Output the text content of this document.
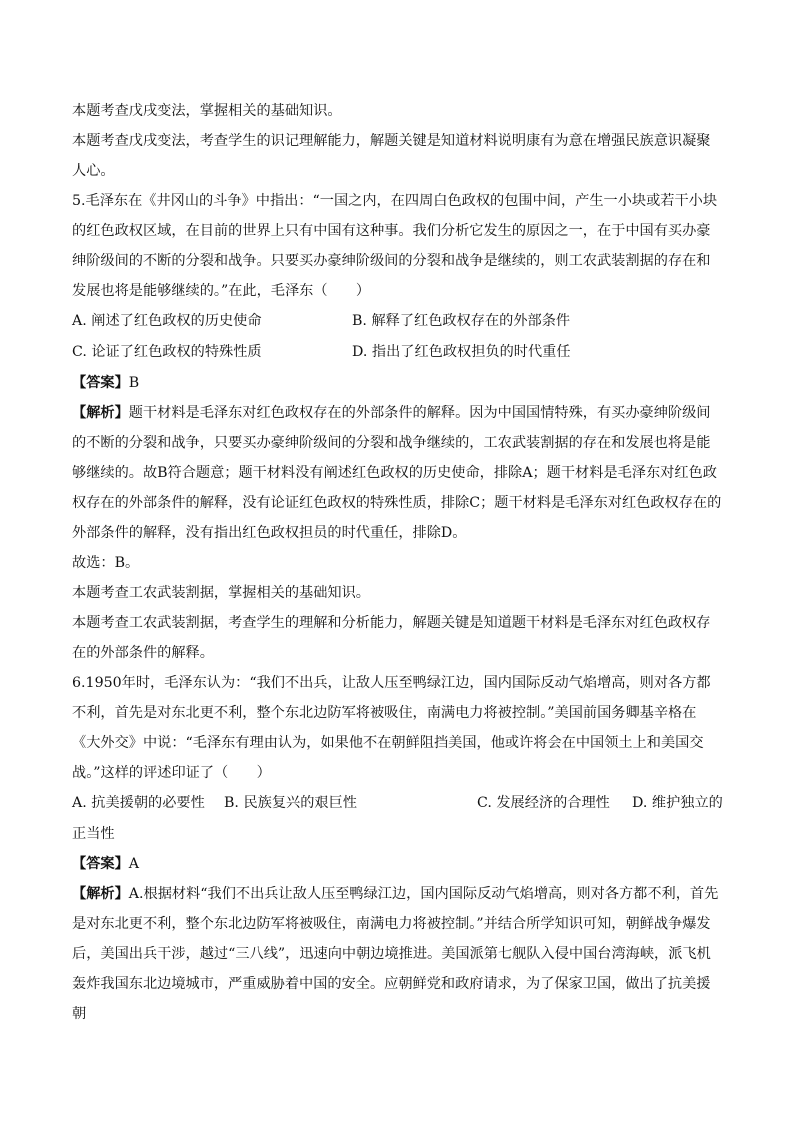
本题考查戊戌变法，掌握相关的基础知识。

本题考查戊戌变法，考查学生的识记理解能力，解题关键是知道材料说明康有为意在增强民族意识凝聚人心。

5.毛泽东在《井冈山的斗争》中指出：“一国之内，在四周白色政权的包围中间，产生一小块或若干小块的红色政权区域，在目前的世界上只有中国有这种事。我们分析它发生的原因之一，在于中国有买办豪绅阶级间的不断的分裂和战争。只要买办豪绅阶级间的分裂和战争是继续的，则工农武装割据的存在和发展也将是能够继续的。”在此，毛泽东（　　）

A. 阐述了红色政权的历史使命	B. 解释了红色政权存在的外部条件
C. 论证了红色政权的特殊性质	D. 指出了红色政权担负的时代重任

【答案】B

【解析】题干材料是毛泽东对红色政权存在的外部条件的解释。因为中国国情特殊，有买办豪绅阶级间的不断的分裂和战争，只要买办豪绅阶级间的分裂和战争继续的，工农武装割据的存在和发展也将是能够继续的。故B符合题意；题干材料没有阐述红色政权的历史使命，排除A；题干材料是毛泽东对红色政权存在的外部条件的解释，没有论证红色政权的特殊性质，排除C；题干材料是毛泽东对红色政权存在的外部条件的解释，没有指出红色政权担员的时代重任，排除D。

故选：B。

本题考查工农武装割据，掌握相关的基础知识。

本题考查工农武装割据，考查学生的理解和分析能力，解题关键是知道题干材料是毛泽东对红色政权存在的外部条件的解释。

6.1950年时，毛泽东认为：“我们不出兵，让敌人压至鸭绿江边，国内国际反动气焰增高，则对各方都不利，首先是对东北更不利，整个东北边防军将被吸住，南满电力将被控制。”美国前国务卿基辛格在《大外交》中说：“毛泽东有理由认为，如果他不在朝鲜阻挡美国，他或许将会在中国领土上和美国交战。”这样的评述印证了（　　）

A. 抗美援朝的必要性	B. 民族复兴的艰巨性	C. 发展经济的合理性	D. 维护独立的

正当性

【答案】A

【解析】A.根据材料“我们不出兵让敌人压至鸭绿江边，国内国际反动气焰增高，则对各方都不利，首先是对东北更不利，整个东北边防军将被吸住，南满电力将被控制。”并结合所学知识可知，朝鲜战争爆发后，美国出兵干涉，越过“三八线”，迅速向中朝边境推进。美国派第七舰队入侵中国台湾海峡，派飞机轰炸我国东北边境城市，严重威胁着中国的安全。应朝鲜党和政府请求，为了保家卫国，做出了抗美援朝
